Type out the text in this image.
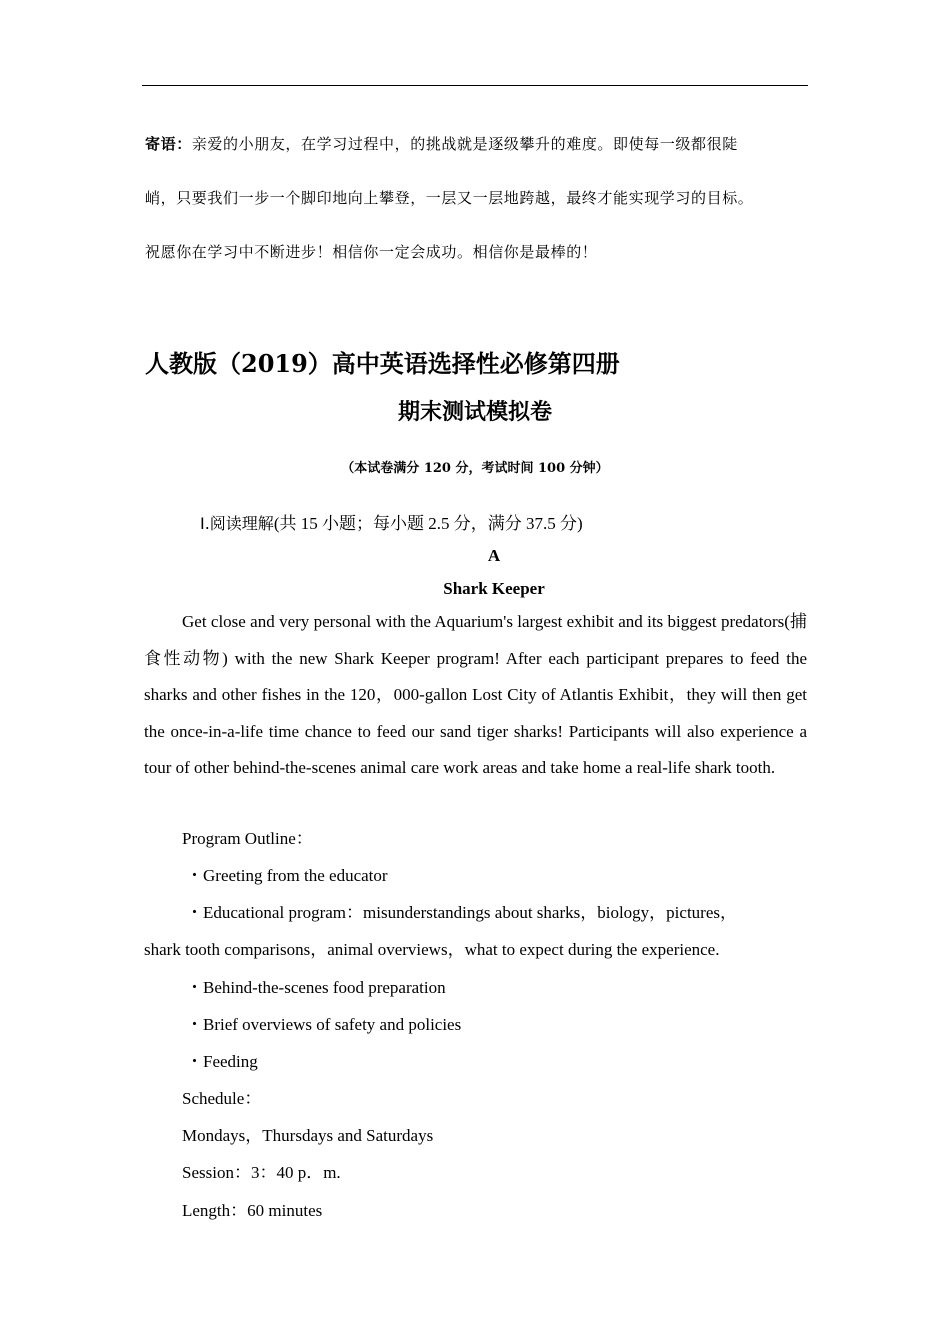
寄语：亲爱的小朋友，在学习过程中，的挑战就是逐级攀升的难度。即使每一级都很陡
峭，只要我们一步一个脚印地向上攀登，一层又一层地跨越，最终才能实现学习的目标。
祝愿你在学习中不断进步！相信你一定会成功。相信你是最棒的！
人教版（2019）高中英语选择性必修第四册
期末测试模拟卷
（本试卷满分 120 分，考试时间 100 分钟）
Ⅰ.阅读理解(共 15 小题；每小题 2.5 分，满分 37.5 分)
A
Shark Keeper
Get close and very personal with the Aquarium's largest exhibit and its biggest predators(捕食性动物) with the new Shark Keeper program! After each participant prepares to feed the sharks and other fishes in the 120，000-gallon Lost City of Atlantis Exhibit，they will then get the once‐in‐a‐life time chance to feed our sand tiger sharks! Participants will also experience a tour of other behind-the-scenes animal care work areas and take home a real-life shark tooth.
Program Outline：
・Greeting from the educator
・Educational program：misunderstandings about sharks，biology，pictures，
shark tooth comparisons，animal overviews，what to expect during the experience.
・Behind‐the‐scenes food preparation
・Brief overviews of safety and policies
・Feeding
Schedule：
Mondays，Thursdays and Saturdays
Session：3：40 p．m.
Length：60 minutes
